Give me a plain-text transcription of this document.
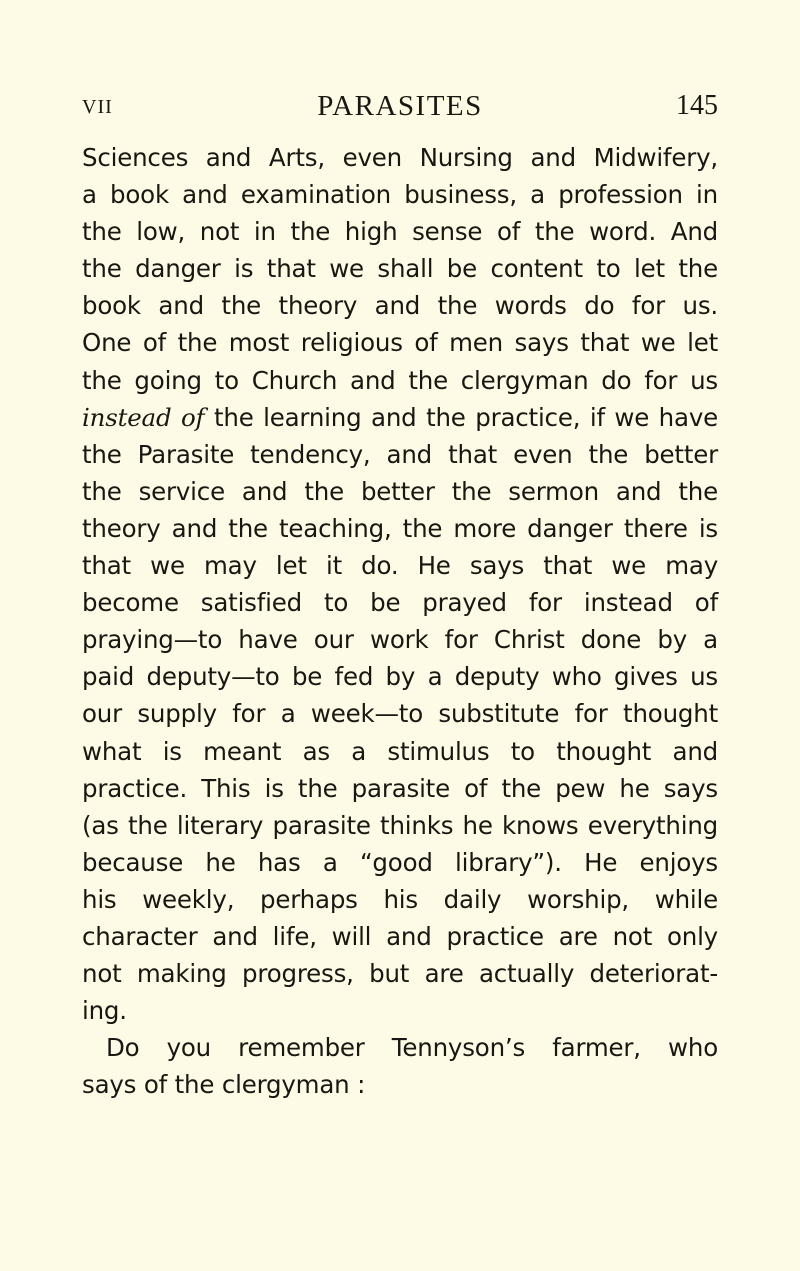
VII	PARASITES	145
Sciences and Arts, even Nursing and Midwifery,
a book and examination business, a profession in
the low, not in the high sense of the word. And
the danger is that we shall be content to let the
book and the theory and the words do for us.
One of the most religious of men says that we let
the going to Church and the clergyman do for us
instead of the learning and the practice, if we have
the Parasite tendency, and that even the better
the service and the better the sermon and the
theory and the teaching, the more danger there is
that we may let it do. He says that we may
become satisfied to be prayed for instead of
praying—to have our work for Christ done by a
paid deputy—to be fed by a deputy who gives us
our supply for a week—to substitute for thought
what is meant as a stimulus to thought and
practice. This is the parasite of the pew he says
(as the literary parasite thinks he knows everything
because he has a “good library”). He enjoys
his weekly, perhaps his daily worship, while
character and life, will and practice are not only
not making progress, but are actually deteriorat-
ing.
Do you remember Tennyson’s farmer, who
says of the clergyman :
